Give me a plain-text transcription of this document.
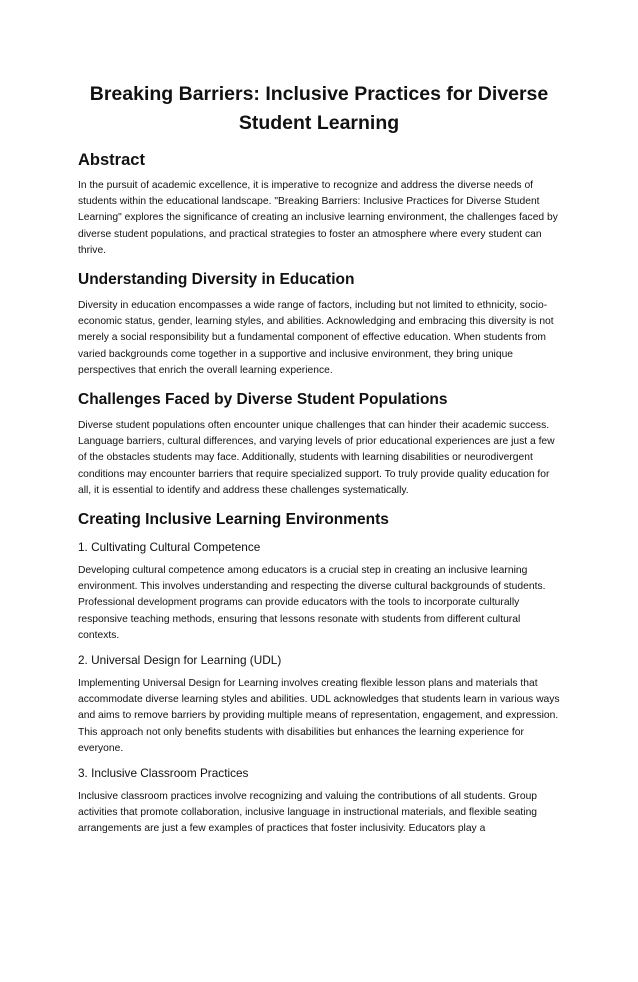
Breaking Barriers: Inclusive Practices for Diverse
Student Learning
Abstract

In the pursuit of academic excellence, it is imperative to recognize and address the diverse needs of students within the educational landscape. "Breaking Barriers: Inclusive Practices for Diverse Student Learning" explores the significance of creating an inclusive learning environment, the challenges faced by diverse student populations, and practical strategies to foster an atmosphere where every student can thrive.

Understanding Diversity in Education

Diversity in education encompasses a wide range of factors, including but not limited to ethnicity, socio-economic status, gender, learning styles, and abilities. Acknowledging and embracing this diversity is not merely a social responsibility but a fundamental component of effective education. When students from varied backgrounds come together in a supportive and inclusive environment, they bring unique perspectives that enrich the overall learning experience.

Challenges Faced by Diverse Student Populations

Diverse student populations often encounter unique challenges that can hinder their academic success. Language barriers, cultural differences, and varying levels of prior educational experiences are just a few of the obstacles students may face. Additionally, students with learning disabilities or neurodivergent conditions may encounter barriers that require specialized support. To truly provide quality education for all, it is essential to identify and address these challenges systematically.

Creating Inclusive Learning Environments
1. Cultivating Cultural Competence

Developing cultural competence among educators is a crucial step in creating an inclusive learning environment. This involves understanding and respecting the diverse cultural backgrounds of students. Professional development programs can provide educators with the tools to incorporate culturally responsive teaching methods, ensuring that lessons resonate with students from different cultural contexts.

2. Universal Design for Learning (UDL)

Implementing Universal Design for Learning involves creating flexible lesson plans and materials that accommodate diverse learning styles and abilities. UDL acknowledges that students learn in various ways and aims to remove barriers by providing multiple means of representation, engagement, and expression. This approach not only benefits students with disabilities but enhances the learning experience for everyone.

3. Inclusive Classroom Practices

Inclusive classroom practices involve recognizing and valuing the contributions of all students. Group activities that promote collaboration, inclusive language in instructional materials, and flexible seating arrangements are just a few examples of practices that foster inclusivity. Educators play a
